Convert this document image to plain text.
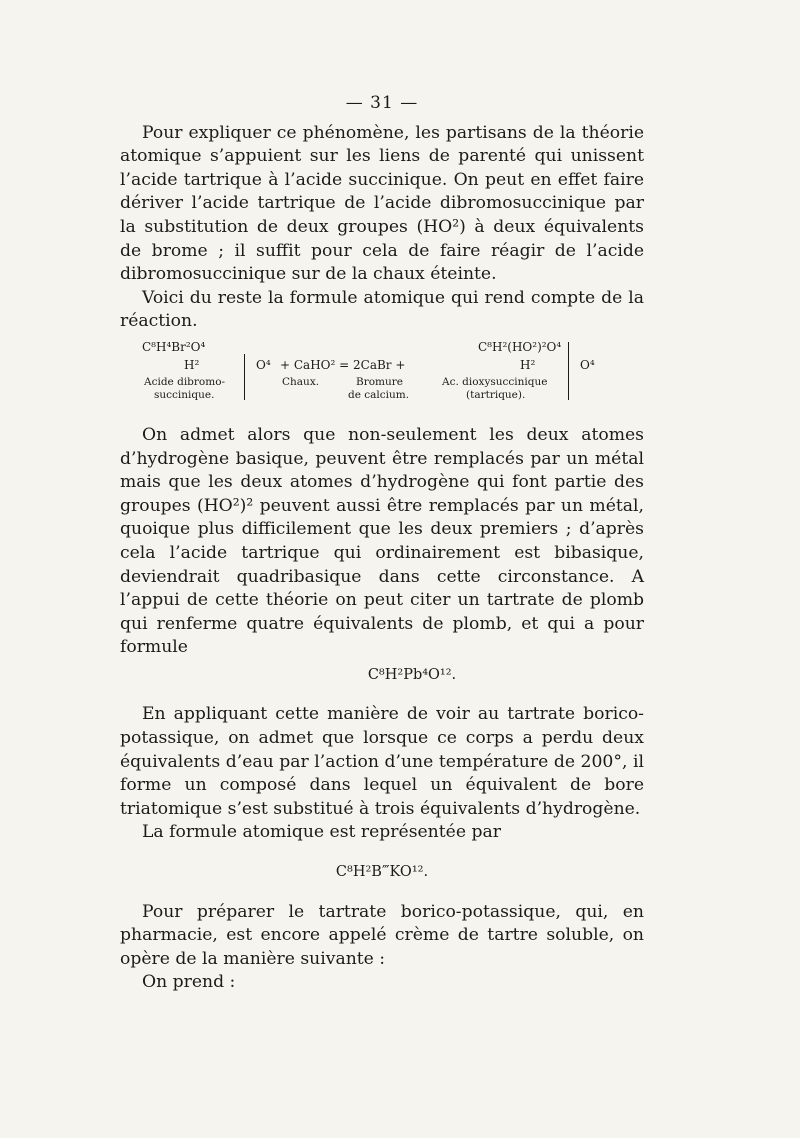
— 31 —

Pour expliquer ce phénomène, les partisans de la théorie atomique s’appuient sur les liens de parenté qui unissent l’acide tartrique à l’acide succinique. On peut en effet faire dériver l’acide tartrique de l’acide dibromosuccinique par la substitution de deux groupes (HO²) à deux équivalents de brome ; il suffit pour cela de faire réagir de l’acide dibromosuccinique sur de la chaux éteinte.

Voici du reste la formule atomique qui rend compte de la réaction.

C⁸H⁴Br²O⁴
H²
Acide dibromo-
succinique.
O⁴ + CaHO² = 2CaBr +
Chaux.	Bromure
de calcium.
C⁸H²(HO²)²O⁴
H²
Ac. dioxysuccinique
(tartrique).
O⁴

On admet alors que non-seulement les deux atomes d’hydrogène basique, peuvent être remplacés par un métal mais que les deux atomes d’hydrogène qui font partie des groupes (HO²)² peuvent aussi être remplacés par un métal, quoique plus difficilement que les deux premiers ; d’après cela l’acide tartrique qui ordinairement est bibasique, deviendrait quadribasique dans cette circonstance. A l’appui de cette théorie on peut citer un tartrate de plomb qui renferme quatre équivalents de plomb, et qui a pour formule

C⁸H²Pb⁴O¹².

En appliquant cette manière de voir au tartrate borico-potassique, on admet que lorsque ce corps a perdu deux équivalents d’eau par l’action d’une température de 200°, il forme un composé dans lequel un équivalent de bore triatomique s’est substitué à trois équivalents d’hydrogène.

La formule atomique est représentée par

C⁸H²B‴KO¹².

Pour préparer le tartrate borico-potassique, qui, en pharmacie, est encore appelé crème de tartre soluble, on opère de la manière suivante :

On prend :
